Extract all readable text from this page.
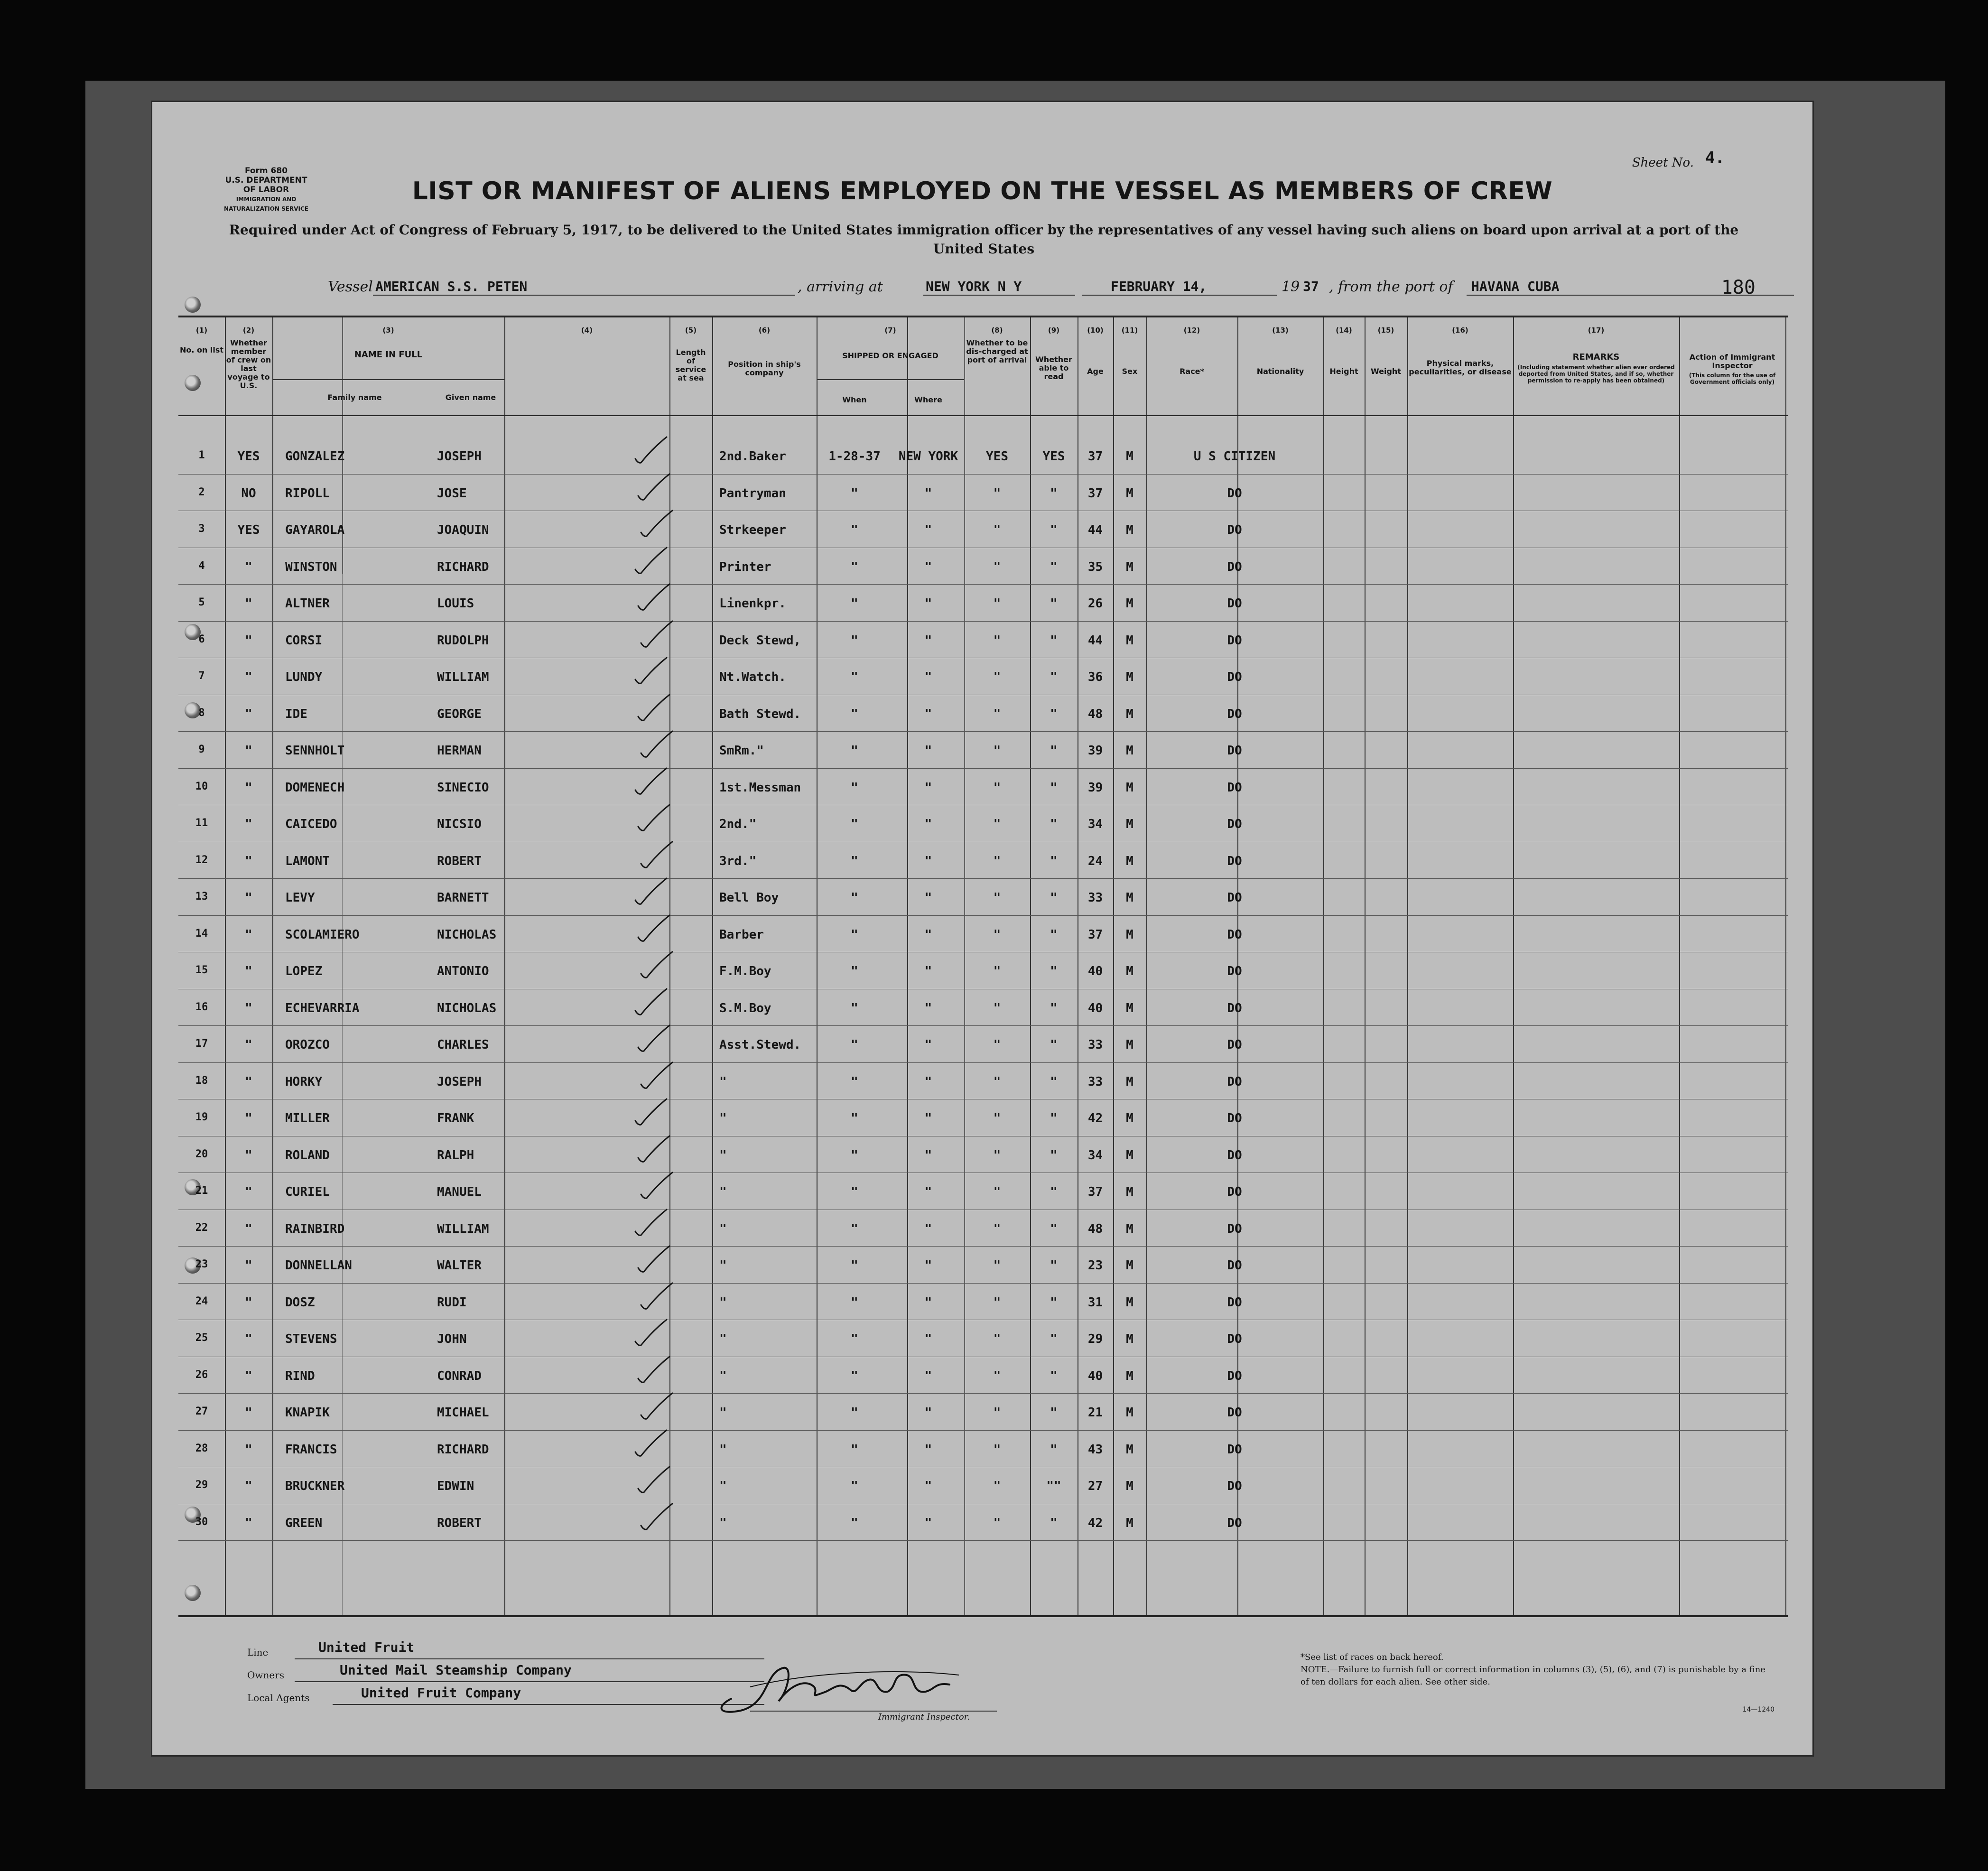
Form 680
U.S. DEPARTMENT OF LABOR
IMMIGRATION AND NATURALIZATION SERVICE
Sheet No. 4.
LIST OR MANIFEST OF ALIENS EMPLOYED ON THE VESSEL AS MEMBERS OF CREW
Required under Act of Congress of February 5, 1917, to be delivered to the United States immigration officer by the representatives of any vessel having such aliens on board upon arrival at a port of the United States
Vessel AMERICAN S.S. PETEN	, arriving at	NEW YORK N Y	FEBRUARY 14,	19 37 , from the port of HAVANA CUBA	180
(1)	(2)	(3)	(4)	(5)	(6)	(7)	(8)	(9)	(10)	(11)	(12)	(13)	(14)	(15)	(16)	(17)
No. on list
Whether member of crew on last voyage to U.S.
NAME IN FULL
Family name	Given name
Length of service at sea
Position in ship's company
SHIPPED OR ENGAGED
When	Where
Whether to be dis-charged at port of arrival	Whether able to read
Age	Sex	Race*	Nationality	Height	Weight
Physical marks, peculiarities, or disease
REMARKS
(Including statement whether alien ever ordered deported from United States, and if so, whether permission to re-apply has been obtained)
Action of Immigrant Inspector
(This column for the use of Government officials only)
1	YES	GONZALEZ	JOSEPH	2nd.Baker	1-28-37	NEW YORK	YES	YES	37	M	U S CITIZEN
2	NO	RIPOLL	JOSE	Pantryman	"	"	"	"	37	M	DO
3	YES	GAYAROLA	JOAQUIN	Strkeeper	"	"	"	"	44	M	DO
4	"	WINSTON	RICHARD	Printer	"	"	"	"	35	M	DO
5	"	ALTNER	LOUIS	Linenkpr.	"	"	"	"	26	M	DO
6	"	CORSI	RUDOLPH	Deck Stewd,	"	"	"	"	44	M	DO
7	"	LUNDY	WILLIAM	Nt.Watch.	"	"	"	"	36	M	DO
8	"	IDE	GEORGE	Bath Stewd.	"	"	"	"	48	M	DO
9	"	SENNHOLT	HERMAN	SmRm."	"	"	"	"	39	M	DO
10	"	DOMENECH	SINECIO	1st.Messman	"	"	"	"	39	M	DO
11	"	CAICEDO	NICSIO	2nd."	"	"	"	"	34	M	DO
12	"	LAMONT	ROBERT	3rd."	"	"	"	"	24	M	DO
13	"	LEVY	BARNETT	Bell Boy	"	"	"	"	33	M	DO
14	"	SCOLAMIERO	NICHOLAS	Barber	"	"	"	"	37	M	DO
15	"	LOPEZ	ANTONIO	F.M.Boy	"	"	"	"	40	M	DO
16	"	ECHEVARRIA	NICHOLAS	S.M.Boy	"	"	"	"	40	M	DO
17	"	OROZCO	CHARLES	Asst.Stewd.	"	"	"	"	33	M	DO
18	"	HORKY	JOSEPH	"	"	"	"	"	33	M	DO
19	"	MILLER	FRANK	"	"	"	"	"	42	M	DO
20	"	ROLAND	RALPH	"	"	"	"	"	34	M	DO
21	"	CURIEL	MANUEL	"	"	"	"	"	37	M	DO
22	"	RAINBIRD	WILLIAM	"	"	"	"	"	48	M	DO
23	"	DONNELLAN	WALTER	"	"	"	"	"	23	M	DO
24	"	DOSZ	RUDI	"	"	"	"	"	31	M	DO
25	"	STEVENS	JOHN	"	"	"	"	"	29	M	DO
26	"	RIND	CONRAD	"	"	"	"	"	40	M	DO
27	"	KNAPIK	MICHAEL	"	"	"	"	"	21	M	DO
28	"	FRANCIS	RICHARD	"	"	"	"	"	43	M	DO
29	"	BRUCKNER	EDWIN	"	"	"	"	""	27	M	DO
30	"	GREEN	ROBERT	"	"	"	"	"	42	M	DO
Line	United Fruit
Owners	United Mail Steamship Company
Local Agents	United Fruit Company
Immigrant Inspector.
*See list of races on back hereof.
NOTE.—Failure to furnish full or correct information in columns (3), (5), (6), and (7) is punishable by a fine of ten dollars for each alien. See other side.
14—1240
